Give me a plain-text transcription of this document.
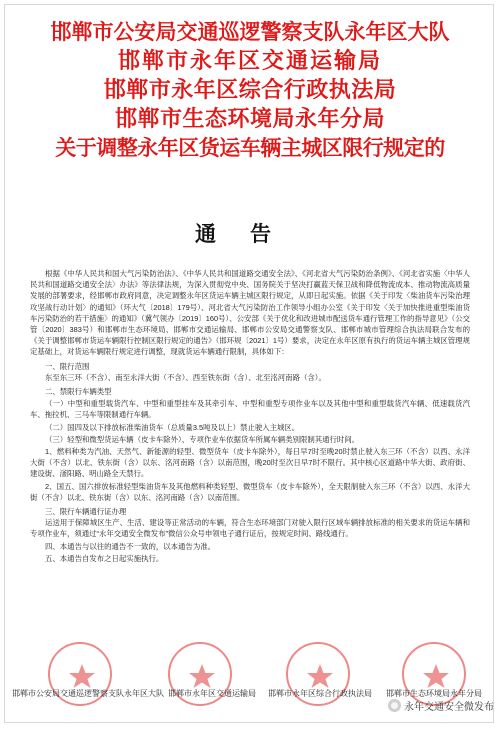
邯郸市公安局交通巡逻警察支队永年区大队
邯郸市永年区交通运输局
邯郸市永年区综合行政执法局
邯郸市生态环境局永年分局
关于调整永年区货运车辆主城区限行规定的
通告

根据《中华人民共和国大气污染防治法》、《中华人民共和国道路交通安全法》、《河北省大气污染防治条例》、《河北省实施〈中华人民共和国道路交通安全法〉办法》等法律法规，为深入贯彻党中央、国务院关于坚决打赢蓝天保卫战和降低物流成本、推动物流高质量发展的部署要求，经邯郸市政府同意，决定调整永年区货运车辆主城区限行规定，从即日起实施。依据《关于印发〈柴油货车污染治理攻坚战行动计划〉的通知》（环大气〔2018〕179号）、河北省大气污染防治工作领导小组办公室《关于印发〈关于加快推进重型柴油货车污染防治的若干措施〉的通知》（冀气领办〔2019〕160号）、公安部《关于优化和改进城市配送货车通行管理工作的指导意见》（公交管〔2020〕383号）和邯郸市生态环境局、邯郸市交通运输局、邯郸市公安局交通警察支队、邯郸市城市管理综合执法局联合发布的《关于调整邯郸市货运车辆限行控制区限行规定的通告》（邯环规〔2021〕1号）要求，决定在永年区原有执行的货运车辆主城区管理规定基础上，对货运车辆限行规定进行调整，现就货运车辆通行限制，具体如下：

一、限行范围

东至东三环（不含）、南至永洋大街（不含）、西至铁东街（含）、北至洺河南路（含）。

二、禁限行车辆类型

（一）中型和重型载货汽车、中型和重型挂车及其牵引车、中型和重型专项作业车以及其他中型和重型载货汽车辆、低速载货汽车、拖拉机、三马车等限制通行车辆。

（二）国四及以下排放标准柴油货车（总质量3.5吨及以上）禁止驶入主城区。

（三）轻型和微型货运车辆（皮卡车除外）、专项作业车依据货车所属车辆类别限制其通行时间。

1、燃料种类为汽油、天然气、新能源的轻型、微型货车（皮卡车除外），每日早7时至晚20时禁止驶入东三环（不含）以西、永洋大街（不含）以北、铁东街（含）以东、洺河南路（含）以南范围，晚20时至次日早7时不限行。其中核心区道路中华大街、政府街、建设街、滏阳路、明山路全天禁行。

2、国五、国六排放标准轻型柴油货车及其他燃料种类轻型、微型货车（皮卡车除外），全天限制驶入东三环（不含）以西、永洋大街（不含）以北、铁东街（含）以东、洺河南路（含）以南范围。

三、限行车辆通行证办理

运送用于保障城区生产、生活、建设等正常活动的车辆，符合生态环境部门对驶入限行区域车辆排放标准的相关要求的货运车辆和专项作业车，须通过“永年交通安全微发布”微信公众号申领电子通行证后，按规定时间、路线通行。

四、本通告与以往的通告不一致的，以本通告为准。

五、本通告自发布之日起实施执行。

邯郸市公安局交通巡逻警察支队永年区大队 邯郸市永年区交通运输局 邯郸市永年区综合行政执法局 邯郸市生态环境局永年分局
永年交通安全微发布
